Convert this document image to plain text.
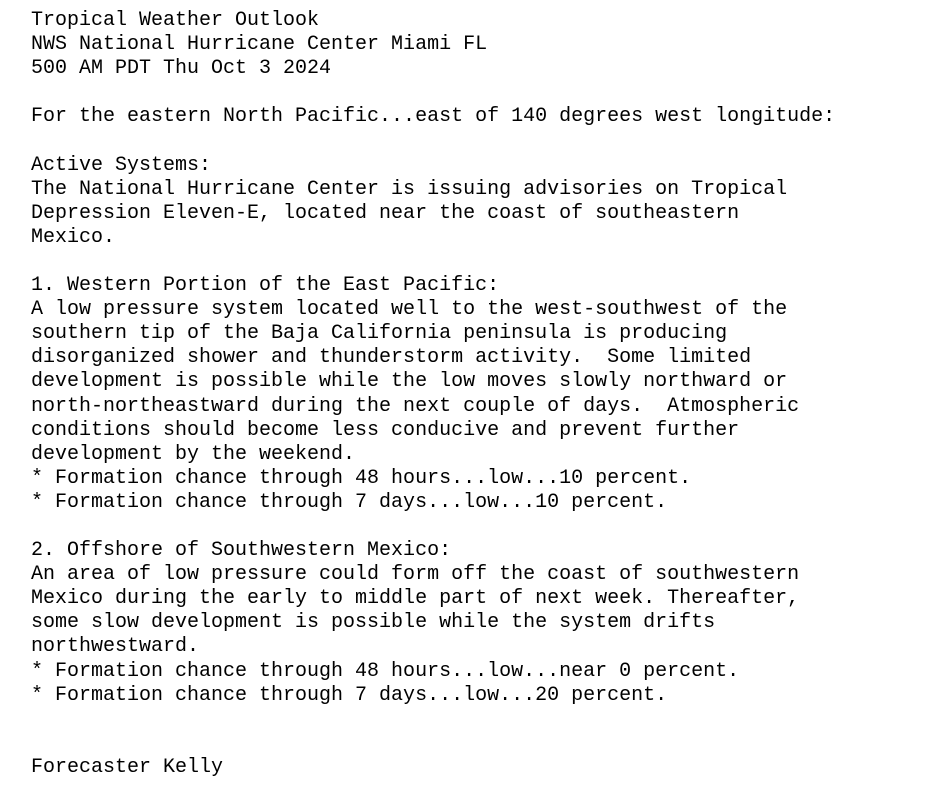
Tropical Weather Outlook
NWS National Hurricane Center Miami FL
500 AM PDT Thu Oct 3 2024
For the eastern North Pacific...east of 140 degrees west longitude:
Active Systems:
The National Hurricane Center is issuing advisories on Tropical
Depression Eleven-E, located near the coast of southeastern
Mexico.
1. Western Portion of the East Pacific:
A low pressure system located well to the west-southwest of the
southern tip of the Baja California peninsula is producing
disorganized shower and thunderstorm activity.  Some limited
development is possible while the low moves slowly northward or
north-northeastward during the next couple of days.  Atmospheric
conditions should become less conducive and prevent further
development by the weekend.
* Formation chance through 48 hours...low...10 percent.
* Formation chance through 7 days...low...10 percent.
2. Offshore of Southwestern Mexico:
An area of low pressure could form off the coast of southwestern
Mexico during the early to middle part of next week. Thereafter,
some slow development is possible while the system drifts
northwestward.
* Formation chance through 48 hours...low...near 0 percent.
* Formation chance through 7 days...low...20 percent.
Forecaster Kelly
